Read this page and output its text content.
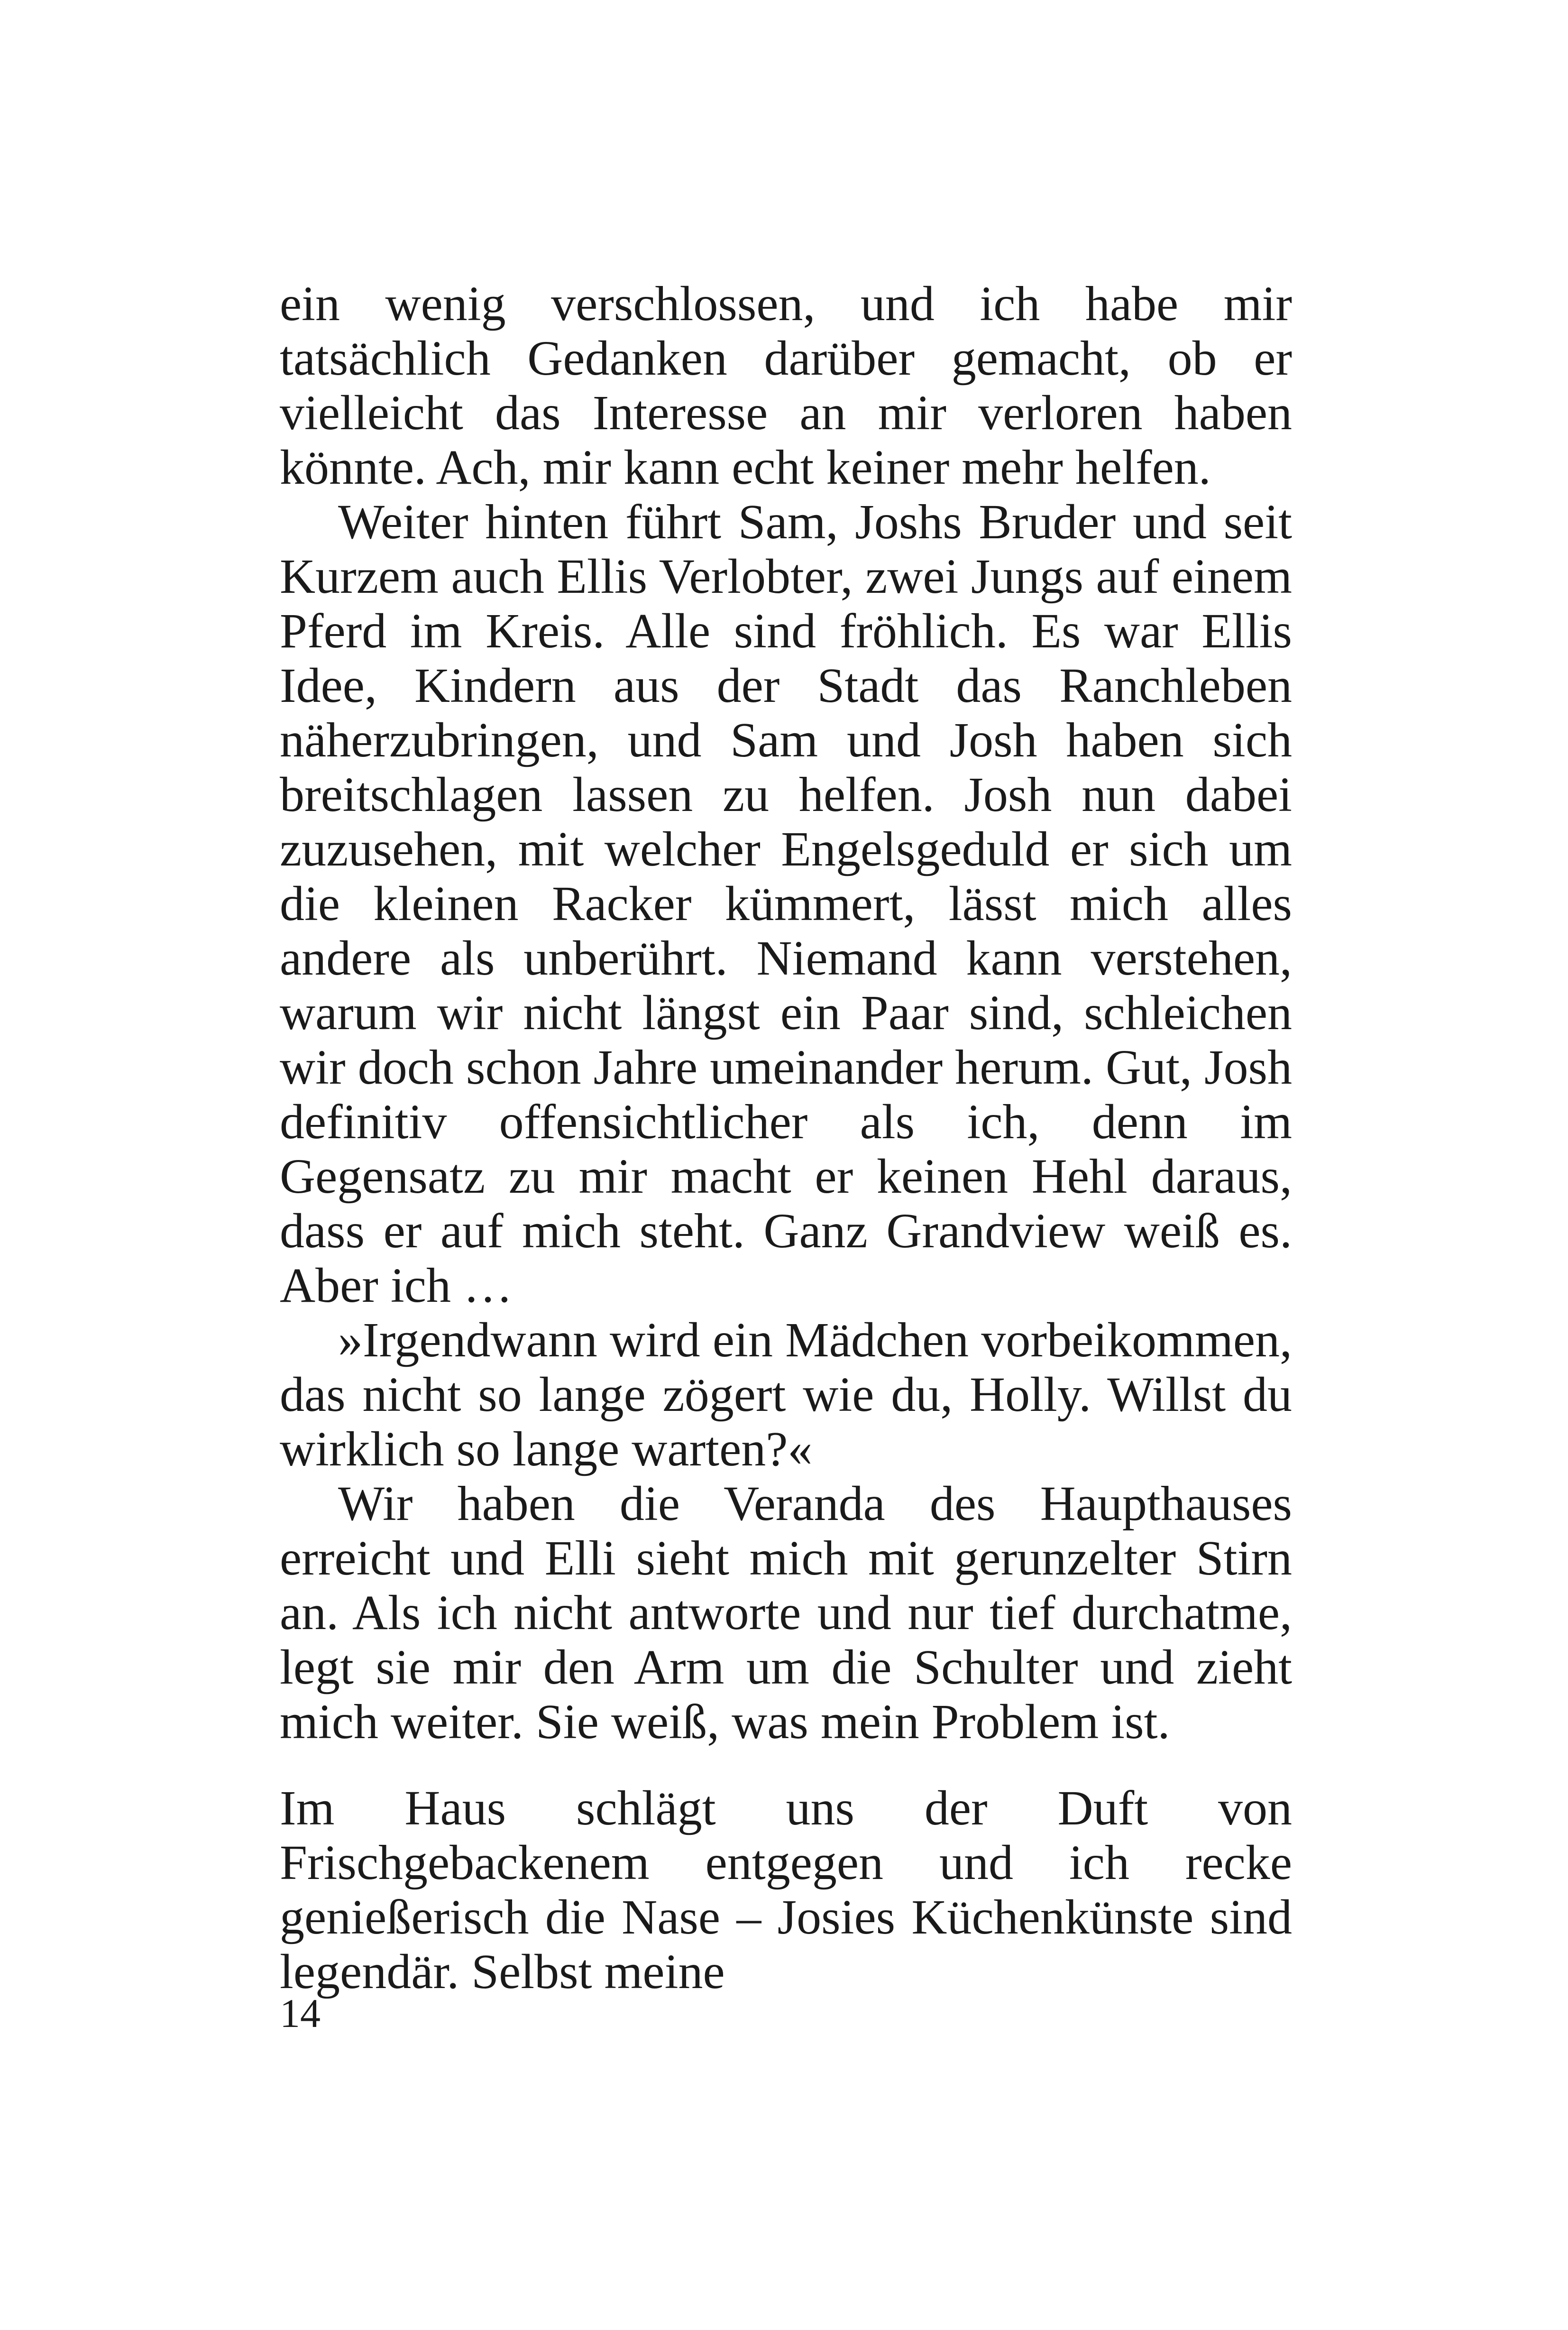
ein wenig verschlossen, und ich habe mir tatsächlich Gedanken darüber gemacht, ob er vielleicht das Interesse an mir verloren haben könnte. Ach, mir kann echt keiner mehr helfen.

Weiter hinten führt Sam, Joshs Bruder und seit Kurzem auch Ellis Verlobter, zwei Jungs auf einem Pferd im Kreis. Alle sind fröhlich. Es war Ellis Idee, Kindern aus der Stadt das Ranchleben näherzubringen, und Sam und Josh haben sich breitschlagen lassen zu helfen. Josh nun dabei zuzusehen, mit welcher Engelsgeduld er sich um die kleinen Racker kümmert, lässt mich alles andere als unberührt. Niemand kann verstehen, warum wir nicht längst ein Paar sind, schleichen wir doch schon Jahre umeinander herum. Gut, Josh definitiv offensichtlicher als ich, denn im Gegensatz zu mir macht er keinen Hehl daraus, dass er auf mich steht. Ganz Grandview weiß es. Aber ich …

»Irgendwann wird ein Mädchen vorbeikommen, das nicht so lange zögert wie du, Holly. Willst du wirklich so lange warten?«

Wir haben die Veranda des Haupthauses erreicht und Elli sieht mich mit gerunzelter Stirn an. Als ich nicht antworte und nur tief durchatme, legt sie mir den Arm um die Schulter und zieht mich weiter. Sie weiß, was mein Problem ist.

Im Haus schlägt uns der Duft von Frischgebackenem entgegen und ich recke genießerisch die Nase – Josies Küchenkünste sind legendär. Selbst meine

14
